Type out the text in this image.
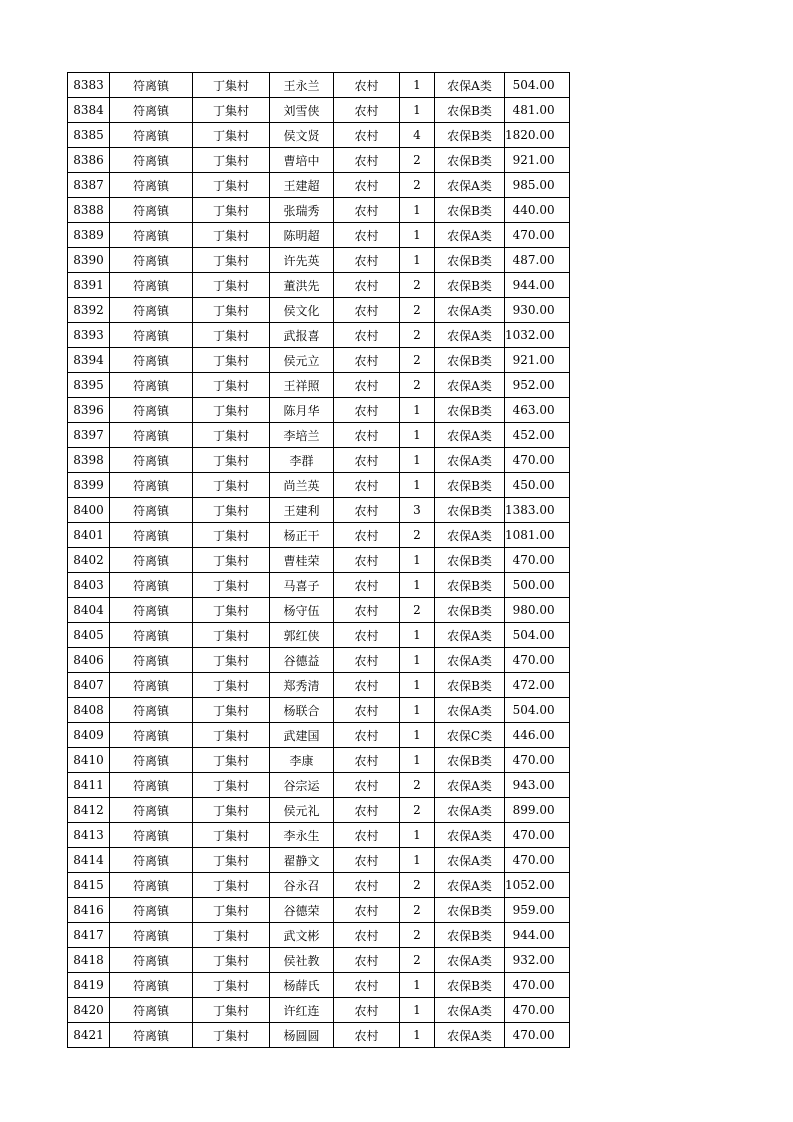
8383	符离镇	丁集村	王永兰	农村	1	农保A类	504.00
8384	符离镇	丁集村	刘雪侠	农村	1	农保B类	481.00
8385	符离镇	丁集村	侯文贤	农村	4	农保B类	1820.00
8386	符离镇	丁集村	曹培中	农村	2	农保B类	921.00
8387	符离镇	丁集村	王建超	农村	2	农保A类	985.00
8388	符离镇	丁集村	张瑞秀	农村	1	农保B类	440.00
8389	符离镇	丁集村	陈明超	农村	1	农保A类	470.00
8390	符离镇	丁集村	许先英	农村	1	农保B类	487.00
8391	符离镇	丁集村	董洪先	农村	2	农保B类	944.00
8392	符离镇	丁集村	侯文化	农村	2	农保A类	930.00
8393	符离镇	丁集村	武报喜	农村	2	农保A类	1032.00
8394	符离镇	丁集村	侯元立	农村	2	农保B类	921.00
8395	符离镇	丁集村	王祥照	农村	2	农保A类	952.00
8396	符离镇	丁集村	陈月华	农村	1	农保B类	463.00
8397	符离镇	丁集村	李培兰	农村	1	农保A类	452.00
8398	符离镇	丁集村	李群	农村	1	农保A类	470.00
8399	符离镇	丁集村	尚兰英	农村	1	农保B类	450.00
8400	符离镇	丁集村	王建利	农村	3	农保B类	1383.00
8401	符离镇	丁集村	杨正干	农村	2	农保A类	1081.00
8402	符离镇	丁集村	曹桂荣	农村	1	农保B类	470.00
8403	符离镇	丁集村	马喜子	农村	1	农保B类	500.00
8404	符离镇	丁集村	杨守伍	农村	2	农保B类	980.00
8405	符离镇	丁集村	郭红侠	农村	1	农保A类	504.00
8406	符离镇	丁集村	谷德益	农村	1	农保A类	470.00
8407	符离镇	丁集村	郑秀清	农村	1	农保B类	472.00
8408	符离镇	丁集村	杨联合	农村	1	农保A类	504.00
8409	符离镇	丁集村	武建国	农村	1	农保C类	446.00
8410	符离镇	丁集村	李康	农村	1	农保B类	470.00
8411	符离镇	丁集村	谷宗运	农村	2	农保A类	943.00
8412	符离镇	丁集村	侯元礼	农村	2	农保A类	899.00
8413	符离镇	丁集村	李永生	农村	1	农保A类	470.00
8414	符离镇	丁集村	翟静文	农村	1	农保A类	470.00
8415	符离镇	丁集村	谷永召	农村	2	农保A类	1052.00
8416	符离镇	丁集村	谷德荣	农村	2	农保B类	959.00
8417	符离镇	丁集村	武文彬	农村	2	农保B类	944.00
8418	符离镇	丁集村	侯社教	农村	2	农保A类	932.00
8419	符离镇	丁集村	杨薛氏	农村	1	农保B类	470.00
8420	符离镇	丁集村	许红连	农村	1	农保A类	470.00
8421	符离镇	丁集村	杨圆圆	农村	1	农保A类	470.00
